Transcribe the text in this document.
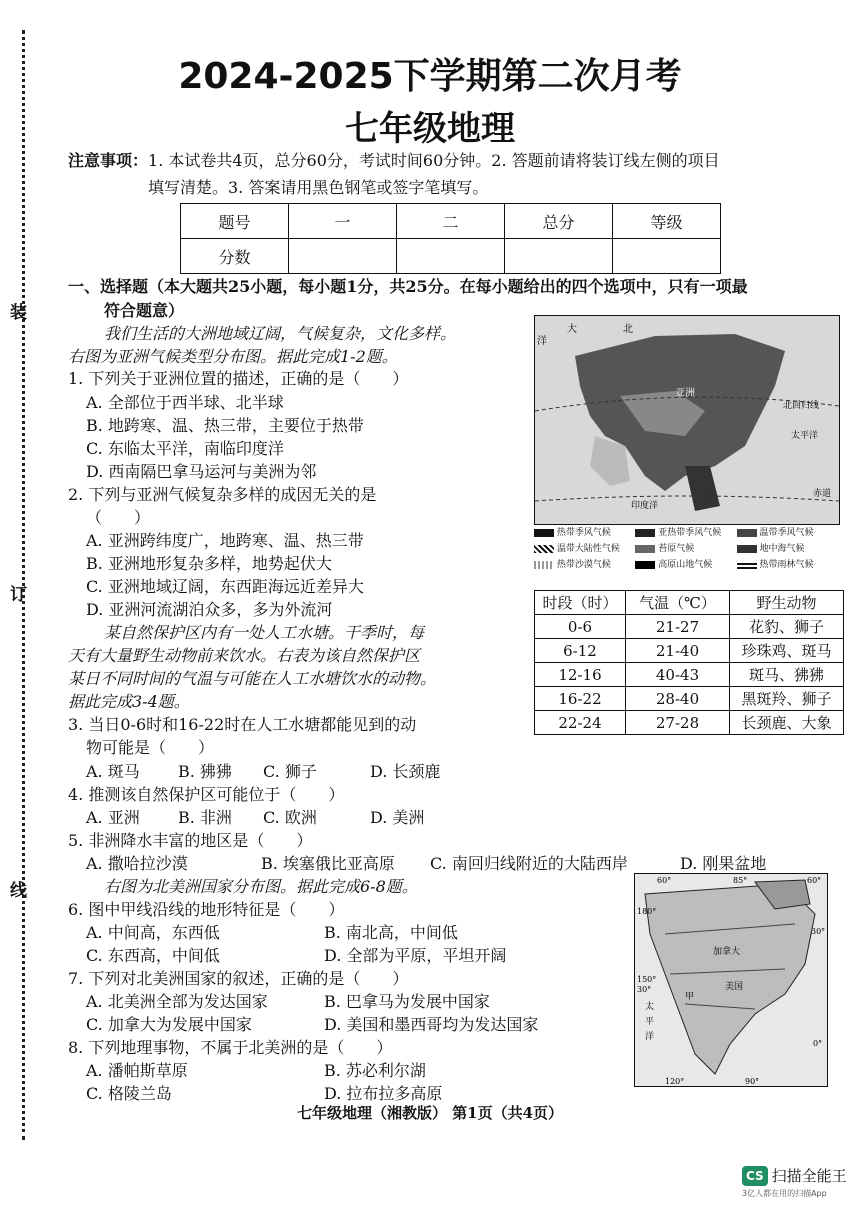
装
订
线
2024-2025下学期第二次月考
七年级地理
注意事项：1. 本试卷共4页，总分60分，考试时间60分钟。2. 答题前请将装订线左侧的项目
填写清楚。3. 答案请用黑色钢笔或签字笔填写。
题号	一	二	总分	等级
分数				
一、选择题（本大题共25小题，每小题1分，共25分。在每小题给出的四个选项中，只有一项最
符合题意）
我们生活的大洲地域辽阔，气候复杂，文化多样。
右图为亚洲气候类型分布图。据此完成1-2题。
1. 下列关于亚洲位置的描述，正确的是（　　）
A. 全部位于西半球、北半球
B. 地跨寒、温、热三带，主要位于热带
C. 东临太平洋，南临印度洋
D. 西南隔巴拿马运河与美洲为邻
2. 下列与亚洲气候复杂多样的成因无关的是
（　　）
A. 亚洲跨纬度广，地跨寒、温、热三带
B. 亚洲地形复杂多样，地势起伏大
C. 亚洲地域辽阔，东西距海远近差异大
D. 亚洲河流湖泊众多，多为外流河
某自然保护区内有一处人工水塘。干季时，每
天有大量野生动物前来饮水。右表为该自然保护区
某日不同时间的气温与可能在人工水塘饮水的动物。
据此完成3-4题。
3. 当日0-6时和16-22时在人工水塘都能见到的动
物可能是（　　）
A. 斑马 B. 狒狒 C. 狮子	D. 长颈鹿
4. 推测该自然保护区可能位于（　　）
A. 亚洲 B. 非洲 C. 欧洲	D. 美洲
5. 非洲降水丰富的地区是（　　）
A. 撒哈拉沙漠	B. 埃塞俄比亚高原 C. 南回归线附近的大陆西岸	D. 刚果盆地
右图为北美洲国家分布图。据此完成6-8题。
6. 图中甲线沿线的地形特征是（　　）
A. 中间高，东西低	B. 南北高，中间低
C. 东西高，中间低	D. 全部为平原，平坦开阔
7. 下列对北美洲国家的叙述，正确的是（　　）
A. 北美洲全部为发达国家	B. 巴拿马为发展中国家
C. 加拿大为发展中国家	D. 美国和墨西哥均为发达国家
8. 下列地理事物，不属于北美洲的是（　　）
A. 潘帕斯草原	B. 苏必利尔湖
C. 格陵兰岛	D. 拉布拉多高原
大	北
洋
亚洲
北回归线
太平洋
赤道
印度洋
热带季风气候	亚热带季风气候	温带季风气候
温带大陆性气候	苔原气候	地中海气候
热带沙漠气候	高原山地气候	热带雨林气候
时段（时）	气温（℃）	野生动物
0-6	21-27	花豹、狮子
6-12	21-40	珍珠鸡、斑马
12-16	40-43	斑马、狒狒
16-22	28-40	黑斑羚、狮子
22-24	27-28	长颈鹿、大象
60°	85°	60°
180°
30°
加拿大
美国
150°
30°
太
平
洋
甲
0°
120°	90°
七年级地理（湘教版） 第1页（共4页）
CS 扫描全能王
3亿人都在用的扫描App
